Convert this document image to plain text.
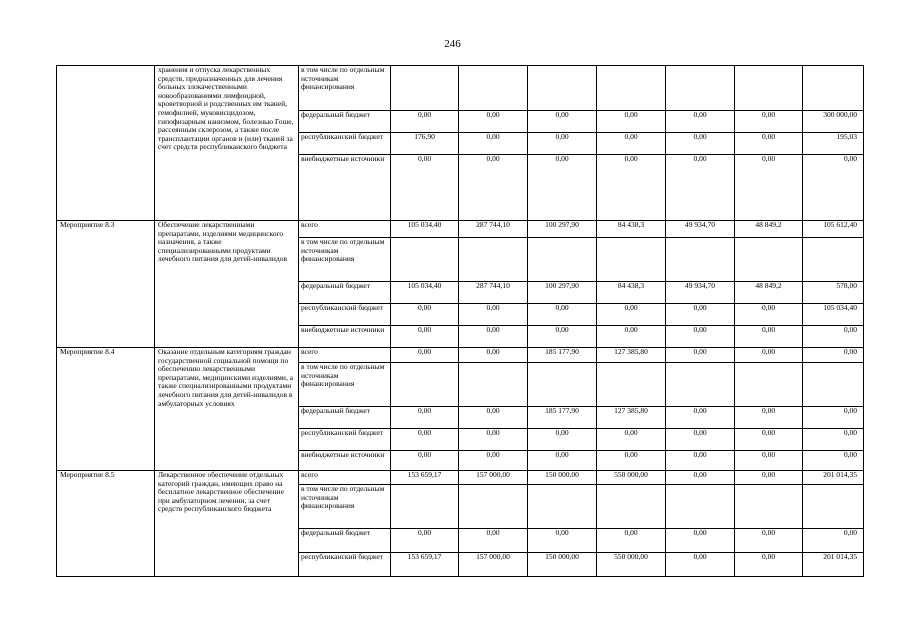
246
	хранения и отпуска лекарственных средств, предназначенных для лечения больных злокачественными новообразованиями лимфоидной, кроветворной и родственных им тканей, гемофилией, муковисцидозом, гипофизарным нанизмом, болезнью Гоше, рассеянным склерозом, а также после трансплантации органов и (или) тканей за счет средств республиканского бюджета	в том числе по отдельным источникам финансирования							
		федеральный бюджет	0,00	0,00	0,00	0,00	0,00	0,00	300 000,00
		республиканский бюджет	176,90	0,00	0,00	0,00	0,00	0,00	195,03
		внебюджетные источники	0,00	0,00	0,00	0,00	0,00	0,00	0,00
Мероприятие 8.3	Обеспечение лекарственными препаратами, изделиями медицинского назначения, а также специализированными продуктами лечебного питания для детей-инвалидов	всего	105 034,40	287 744,10	100 297,90	84 438,3	49 934,70	48 849,2	105 612,40
		в том числе по отдельным источникам финансирования							
		федеральный бюджет	105 034,40	287 744,10	100 297,90	84 438,3	49 934,70	48 849,2	578,00
		республиканский бюджет	0,00	0,00	0,00	0,00	0,00	0,00	105 034,40
		внебюджетные источники	0,00	0,00	0,00	0,00	0,00	0,00	0,00
Мероприятие 8.4	Оказание отдельным категориям граждан государственной социальной помощи по обеспечению лекарственными препаратами, медицинскими изделиями, а также специализированными продуктами лечебного питания для детей-инвалидов в амбулаторных условиях	всего	0,00	0,00	185 177,90	127 385,80	0,00	0,00	0,00
		в том числе по отдельным источникам финансирования							
		федеральный бюджет	0,00	0,00	185 177,90	127 385,80	0,00	0,00	0,00
		республиканский бюджет	0,00	0,00	0,00	0,00	0,00	0,00	0,00
		внебюджетные источники	0,00	0,00	0,00	0,00	0,00	0,00	0,00
Мероприятие 8.5	Лекарственное обеспечение отдельных категорий граждан, имеющих право на бесплатное лекарственное обеспечение при амбулаторном лечении, за счет средств республиканского бюджета	всего	153 659,17	157 000,00	150 000,00	550 000,00	0,00	0,00	201 014,35
		в том числе по отдельным источникам финансирования							
		федеральный бюджет	0,00	0,00	0,00	0,00	0,00	0,00	0,00
		республиканский бюджет	153 659,17	157 000,00	150 000,00	550 000,00	0,00	0,00	201 014,35
